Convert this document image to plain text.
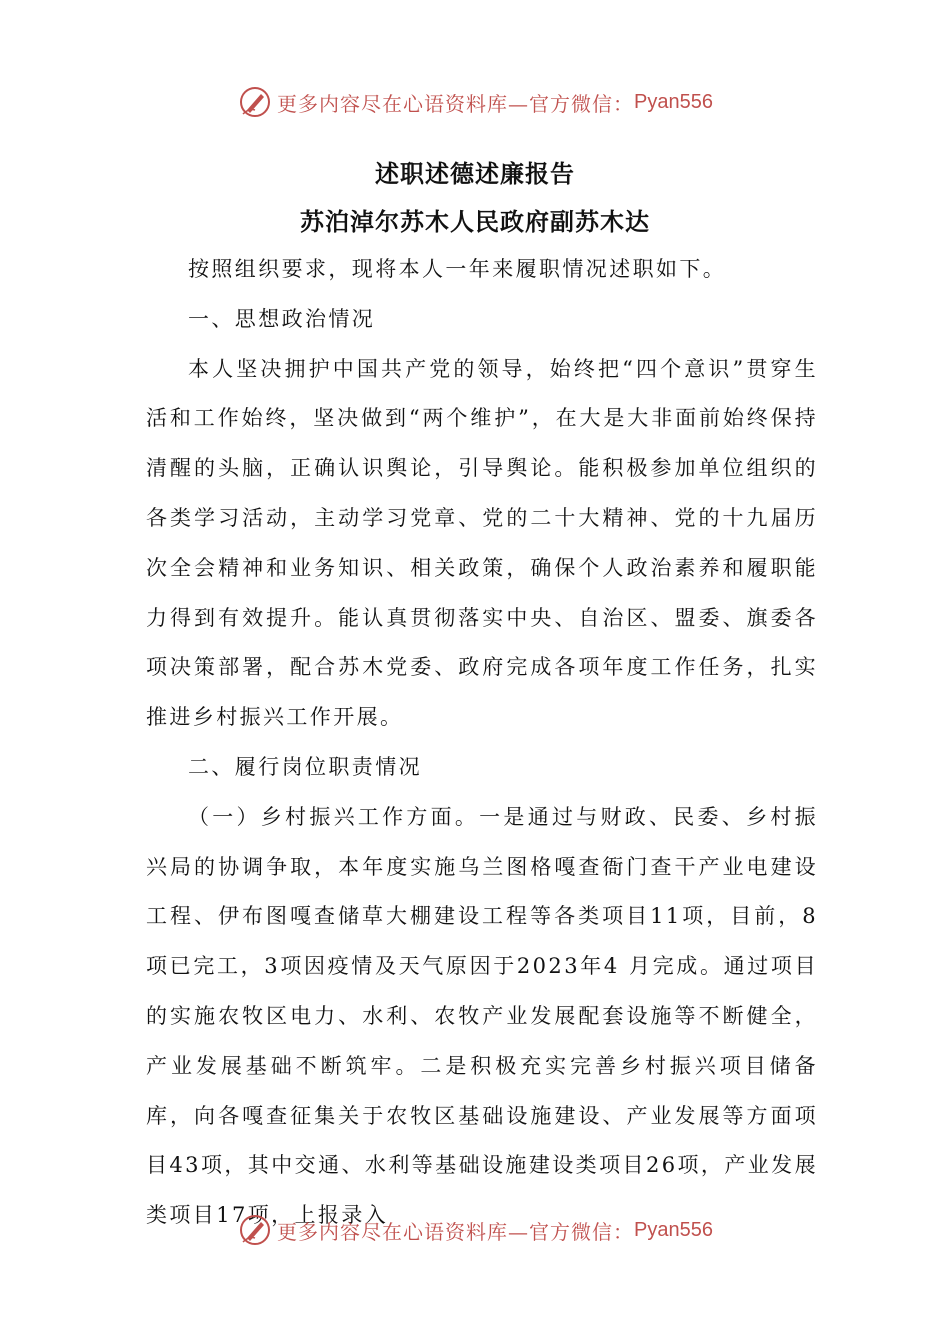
更多内容尽在心语资料库—官方微信： Pyan556
述职述德述廉报告
苏泊淖尔苏木人民政府副苏木达

按照组织要求，现将本人一年来履职情况述职如下。

一、思想政治情况

本人坚决拥护中国共产党的领导，始终把“四个意识”贯穿生活和工作始终，坚决做到“两个维护”，在大是大非面前始终保持清醒的头脑，正确认识舆论，引导舆论。能积极参加单位组织的各类学习活动，主动学习党章、党的二十大精神、党的十九届历次全会精神和业务知识、相关政策，确保个人政治素养和履职能力得到有效提升。能认真贯彻落实中央、自治区、盟委、旗委各项决策部署，配合苏木党委、政府完成各项年度工作任务，扎实推进乡村振兴工作开展。

二、履行岗位职责情况

（一）乡村振兴工作方面。一是通过与财政、民委、乡村振兴局的协调争取，本年度实施乌兰图格嘎查衙门查干产业电建设工程、伊布图嘎查储草大棚建设工程等各类项目11项，目前，8项已完工，3项因疫情及天气原因于2023年4 月完成。通过项目的实施农牧区电力、水利、农牧产业发展配套设施等不断健全，产业发展基础不断筑牢。二是积极充实完善乡村振兴项目储备库，向各嘎查征集关于农牧区基础设施建设、产业发展等方面项目43项，其中交通、水利等基础设施建设类项目26项，产业发展类项目17项，上报录入

更多内容尽在心语资料库—官方微信： Pyan556
